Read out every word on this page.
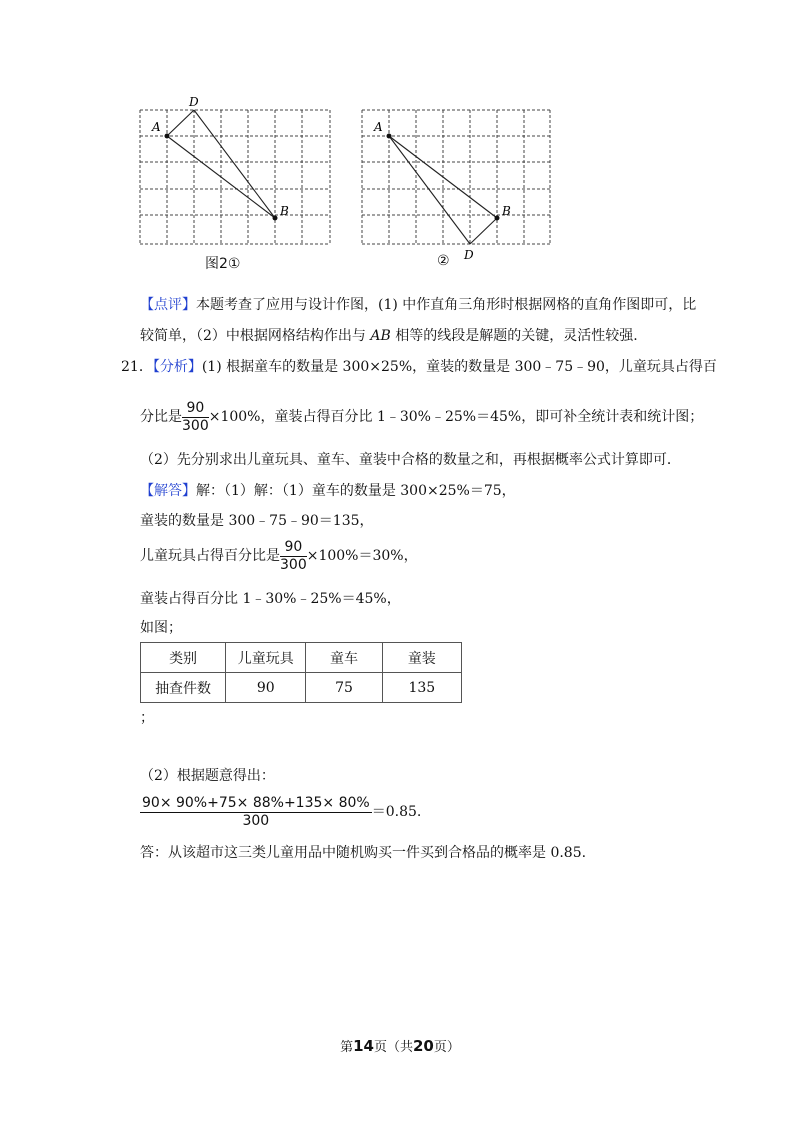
A
B
D
图2①
A
B
D
②
【点评】本题考查了应用与设计作图，(1) 中作直角三角形时根据网格的直角作图即可，比
较简单，（2）中根据网格结构作出与 AB 相等的线段是解题的关键，灵活性较强.
21．【分析】(1) 根据童车的数量是 300×25%，童装的数量是 300﹣75﹣90，儿童玩具占得百
分比是 $\frac{90}{300} \times 100\%$，童装占得百分比 1﹣30%﹣25%＝45%，即可补全统计表和统计图；
（2）先分别求出儿童玩具、童车、童装中合格的数量之和，再根据概率公式计算即可．
【解答】解：（1）解：（1）童车的数量是 300×25%＝75，
童装的数量是 300﹣75﹣90＝135，
儿童玩具占得百分比是 $\frac{90}{300} \times 100\%=30\%$，
童装占得百分比 1﹣30%﹣25%＝45%，
如图；
类别	儿童玩具	童车	童装
抽查件数	90	75	135
；
（2）根据题意得出：
$\frac{90\times 90\%+75\times 88\%+135\times 80\%}{300} =0.85$.
答：从该超市这三类儿童用品中随机购买一件买到合格品的概率是 0.85.
第14页（共20页）
